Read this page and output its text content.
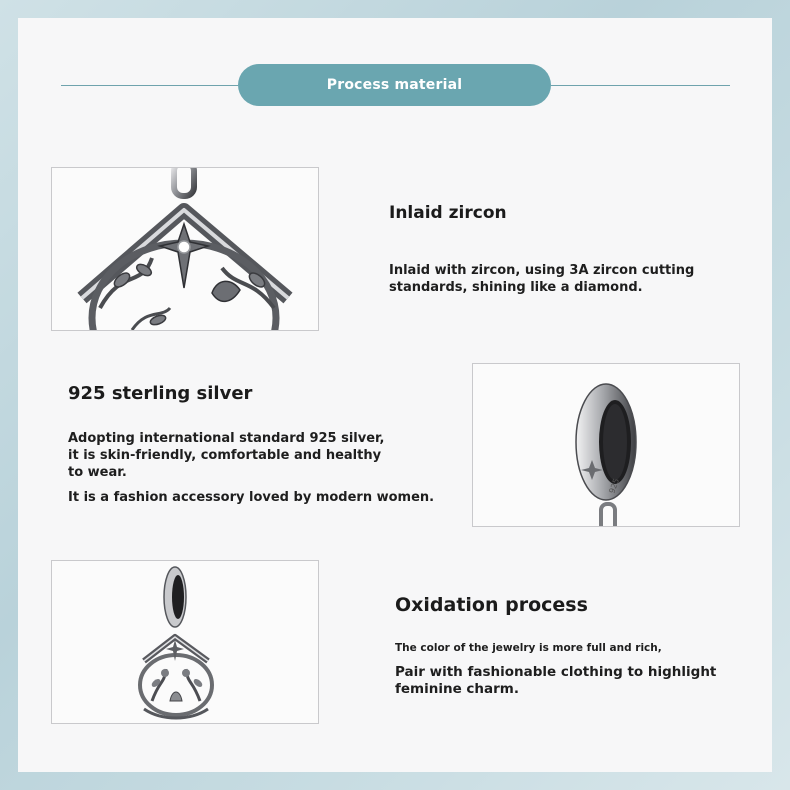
Process material
Inlaid zircon
Inlaid with zircon, using 3A zircon cutting
standards, shining like a diamond.
925 sterling silver
Adopting international standard 925 silver,
it is skin-friendly, comfortable and healthy
to wear.
It is a fashion accessory loved by modern women.
925
Oxidation process
The color of the jewelry is more full and rich,
Pair with fashionable clothing to highlight
feminine charm.
